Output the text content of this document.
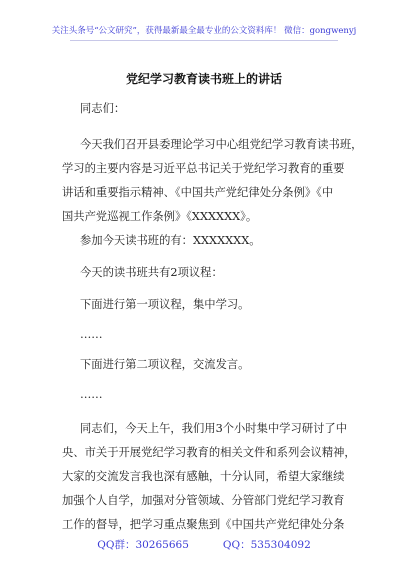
关注头条号“公文研究”，获得最新最全最专业的公文资料库！ 微信：gongwenyj
党纪学习教育读书班上的讲话
同志们：
今天我们召开县委理论学习中心组党纪学习教育读书班，
学习的主要内容是习近平总书记关于党纪学习教育的重要
讲话和重要指示精神、《中国共产党纪律处分条例》《中
国共产党巡视工作条例》《XXXXXX》。
参加今天读书班的有：XXXXXXX。
今天的读书班共有2项议程：
下面进行第一项议程，集中学习。
……
下面进行第二项议程，交流发言。
……
同志们，今天上午，我们用3个小时集中学习研讨了中
央、市关于开展党纪学习教育的相关文件和系列会议精神，
大家的交流发言我也深有感触，十分认同，希望大家继续
加强个人自学，加强对分管领域、分管部门党纪学习教育
工作的督导，把学习重点聚焦到《中国共产党纪律处分条
QQ群：30265665	QQ：535304092
